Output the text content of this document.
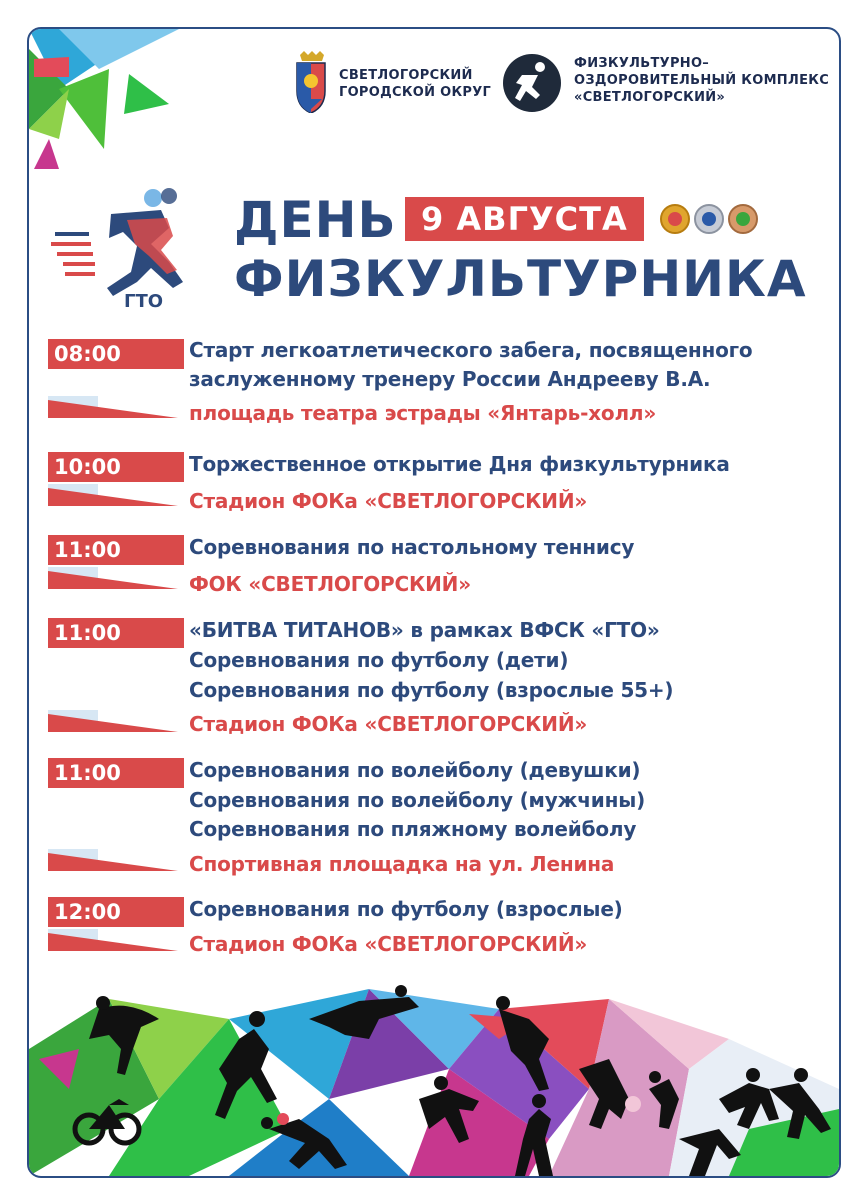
СВЕТЛОГОРСКИЙ
ГОРОДСКОЙ ОКРУГ
ФИЗКУЛЬТУРНО–
ОЗДОРОВИТЕЛЬНЫЙ КОМПЛЕКС
«СВЕТЛОГОРСКИЙ»
ГТО
ДЕНЬ 9 АВГУСТА
ФИЗКУЛЬТУРНИКА
08:00	Старт легкоатлетического забега, посвященного
заслуженному тренеру России Андрееву В.А.
площадь театра эстрады «Янтарь-холл»
10:00	Торжественное открытие Дня физкультурника
Стадион ФОКа «СВЕТЛОГОРСКИЙ»
11:00	Соревнования по настольному теннису
ФОК «СВЕТЛОГОРСКИЙ»
11:00	«БИТВА ТИТАНОВ» в рамках ВФСК «ГТО»
Соревнования по футболу (дети)
Соревнования по футболу (взрослые 55+)
Стадион ФОКа «СВЕТЛОГОРСКИЙ»
11:00	Соревнования по волейболу (девушки)
Соревнования по волейболу (мужчины)
Соревнования по пляжному волейболу
Спортивная площадка на ул. Ленина
12:00	Соревнования по футболу (взрослые)
Стадион ФОКа «СВЕТЛОГОРСКИЙ»
